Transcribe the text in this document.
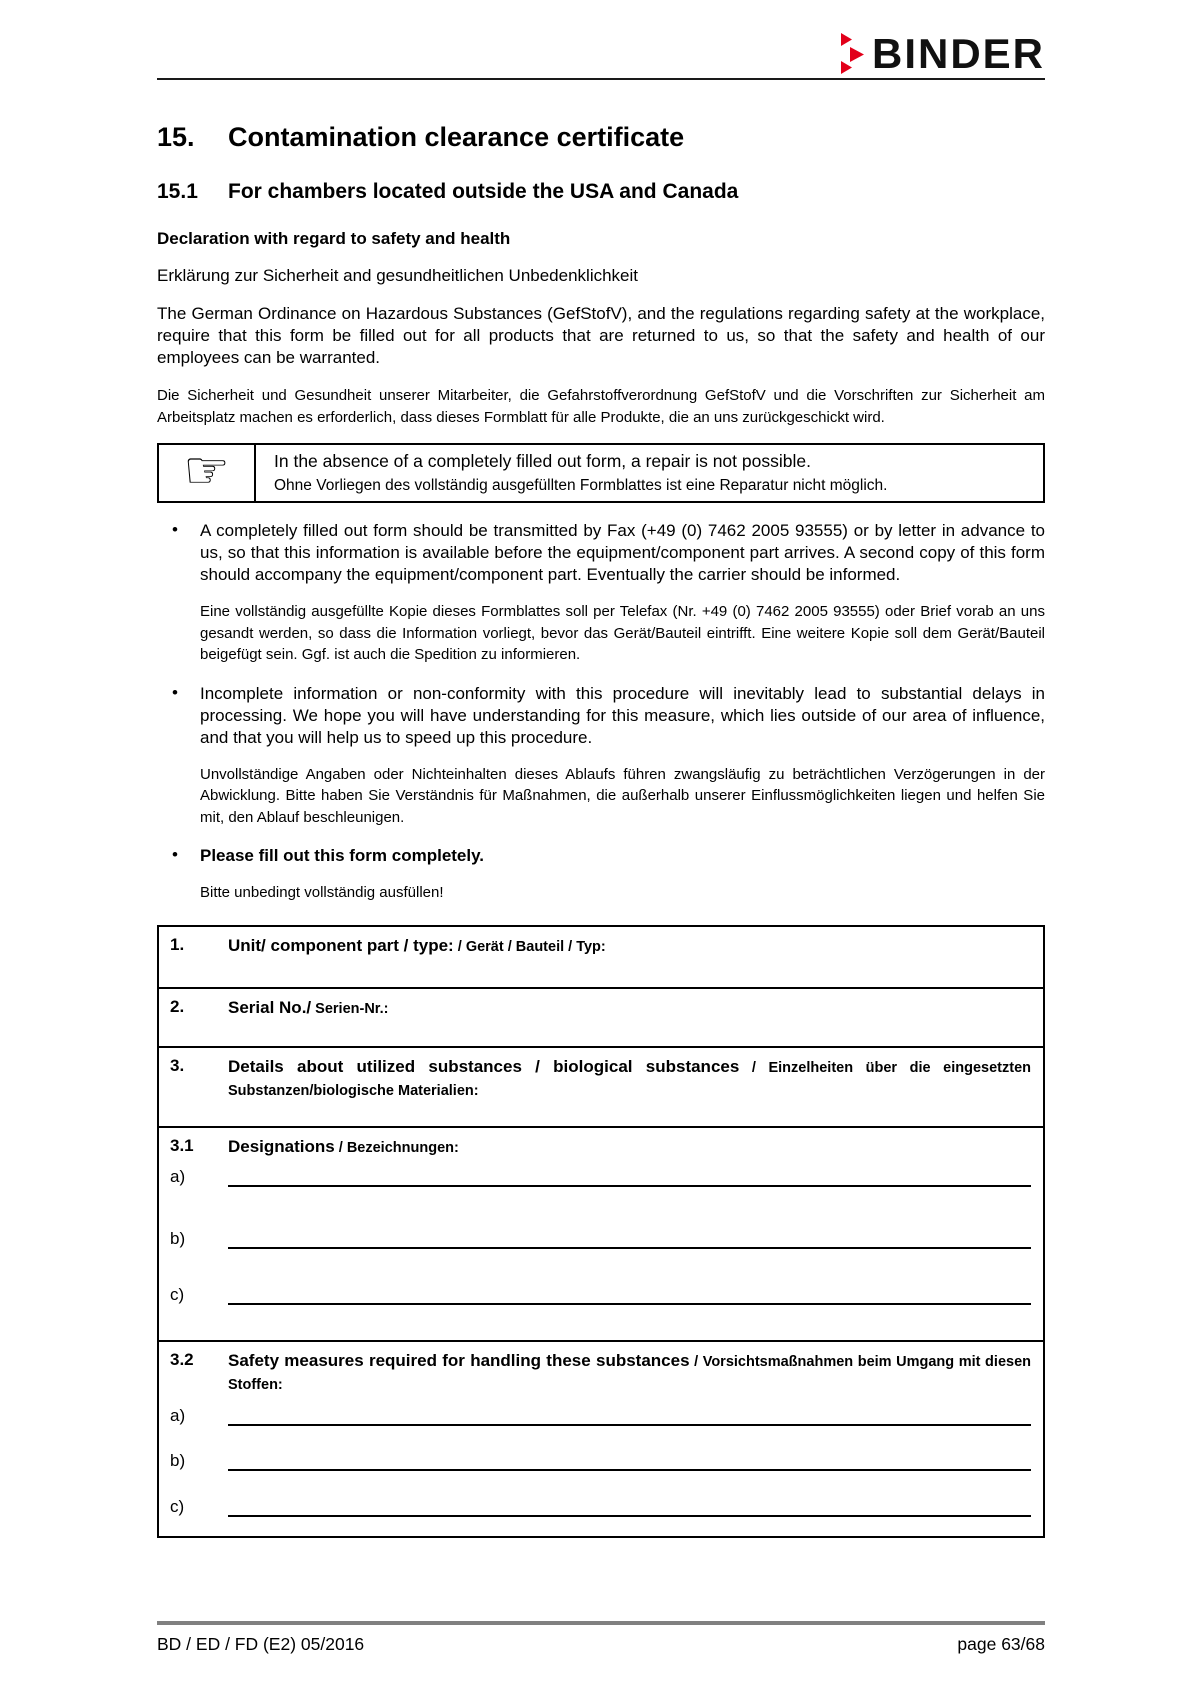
BINDER
15.	Contamination clearance certificate
15.1	For chambers located outside the USA and Canada

Declaration with regard to safety and health

Erklärung zur Sicherheit and gesundheitlichen Unbedenklichkeit

The German Ordinance on Hazardous Substances (GefStofV), and the regulations regarding safety at the workplace, require that this form be filled out for all products that are returned to us, so that the safety and health of our employees can be warranted.

Die Sicherheit und Gesundheit unserer Mitarbeiter, die Gefahrstoffverordnung GefStofV und die Vorschriften zur Sicherheit am Arbeitsplatz machen es erforderlich, dass dieses Formblatt für alle Produkte, die an uns zurückgeschickt wird.

☞	In the absence of a completely filled out form, a repair is not possible.
Ohne Vorliegen des vollständig ausgefüllten Formblattes ist eine Reparatur nicht möglich.
•	A completely filled out form should be transmitted by Fax (+49 (0) 7462 2005 93555) or by letter in advance to us, so that this information is available before the equipment/component part arrives. A second copy of this form should accompany the equipment/component part. Eventually the carrier should be informed.
Eine vollständig ausgefüllte Kopie dieses Formblattes soll per Telefax (Nr. +49 (0) 7462 2005 93555) oder Brief vorab an uns gesandt werden, so dass die Information vorliegt, bevor das Gerät/Bauteil eintrifft. Eine weitere Kopie soll dem Gerät/Bauteil beigefügt sein. Ggf. ist auch die Spedition zu informieren.
•	Incomplete information or non-conformity with this procedure will inevitably lead to substantial delays in processing. We hope you will have understanding for this measure, which lies outside of our area of influence, and that you will help us to speed up this procedure.
Unvollständige Angaben oder Nichteinhalten dieses Ablaufs führen zwangsläufig zu beträchtlichen Verzögerungen in der Abwicklung. Bitte haben Sie Verständnis für Maßnahmen, die außerhalb unserer Einflussmöglichkeiten liegen und helfen Sie mit, den Ablauf beschleunigen.
•	Please fill out this form completely.
Bitte unbedingt vollständig ausfüllen!
1.	Unit/ component part / type: / Gerät / Bauteil / Typ:
2.	Serial No./ Serien-Nr.:
3.	Details about utilized substances / biological substances / Einzelheiten über die eingesetzten Substanzen/biologische Materialien:
3.1	Designations / Bezeichnungen:
a)
b)
c)
3.2	Safety measures required for handling these substances / Vorsichtsmaßnahmen beim Umgang mit diesen Stoffen:
a)
b)
c)
BD / ED / FD (E2) 05/2016	page 63/68
